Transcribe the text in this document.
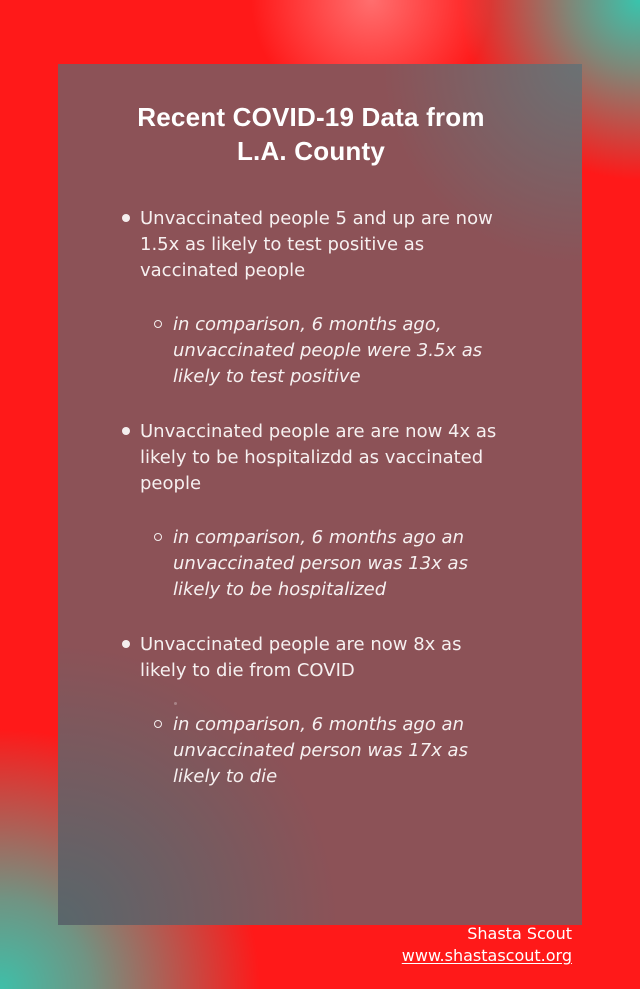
Recent COVID-19 Data from
L.A. County
Unvaccinated people 5 and up are now
1.5x as likely to test positive as
vaccinated people
in comparison, 6 months ago,
unvaccinated people were 3.5x as
likely to test positive
Unvaccinated people are are now 4x as
likely to be hospitalizdd as vaccinated
people
in comparison, 6 months ago an
unvaccinated person was 13x as
likely to be hospitalized
Unvaccinated people are now 8x as
likely to die from COVID
in comparison, 6 months ago an
unvaccinated person was 17x as
likely to die
Shasta Scout
www.shastascout.org
